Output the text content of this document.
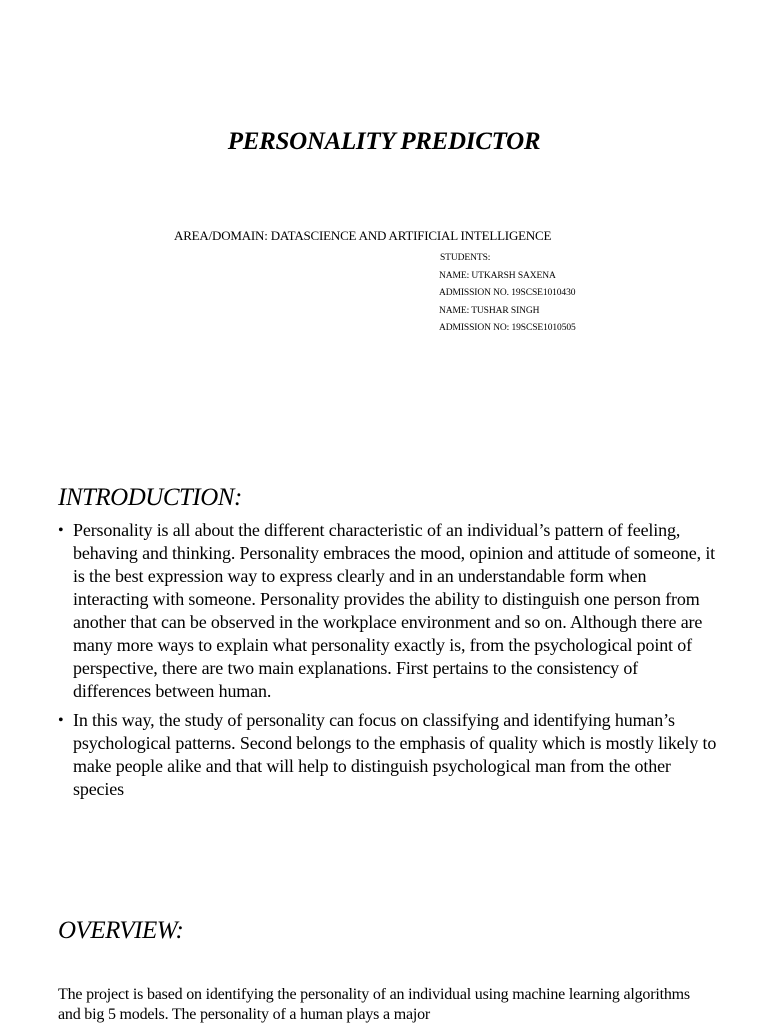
PERSONALITY PREDICTOR
AREA/DOMAIN: DATASCIENCE AND ARTIFICIAL INTELLIGENCE
STUDENTS:
NAME: UTKARSH SAXENA
ADMISSION NO. 19SCSE1010430
NAME: TUSHAR SINGH
ADMISSION NO: 19SCSE1010505
INTRODUCTION:
• Personality is all about the different characteristic of an individual’s pattern of feeling, behaving and thinking. Personality embraces the mood, opinion and attitude of someone, it is the best expression way to express clearly and in an understandable form when interacting with someone. Personality provides the ability to distinguish one person from another that can be observed in the workplace environment and so on. Although there are many more ways to explain what personality exactly is, from the psychological point of perspective, there are two main explanations. First pertains to the consistency of differences between human.
• In this way, the study of personality can focus on classifying and identifying human’s psychological patterns. Second belongs to the emphasis of quality which is mostly likely to make people alike and that will help to distinguish psychological man from the other species
OVERVIEW:
The project is based on identifying the personality of an individual using machine learning algorithms and big 5 models. The personality of a human plays a major
